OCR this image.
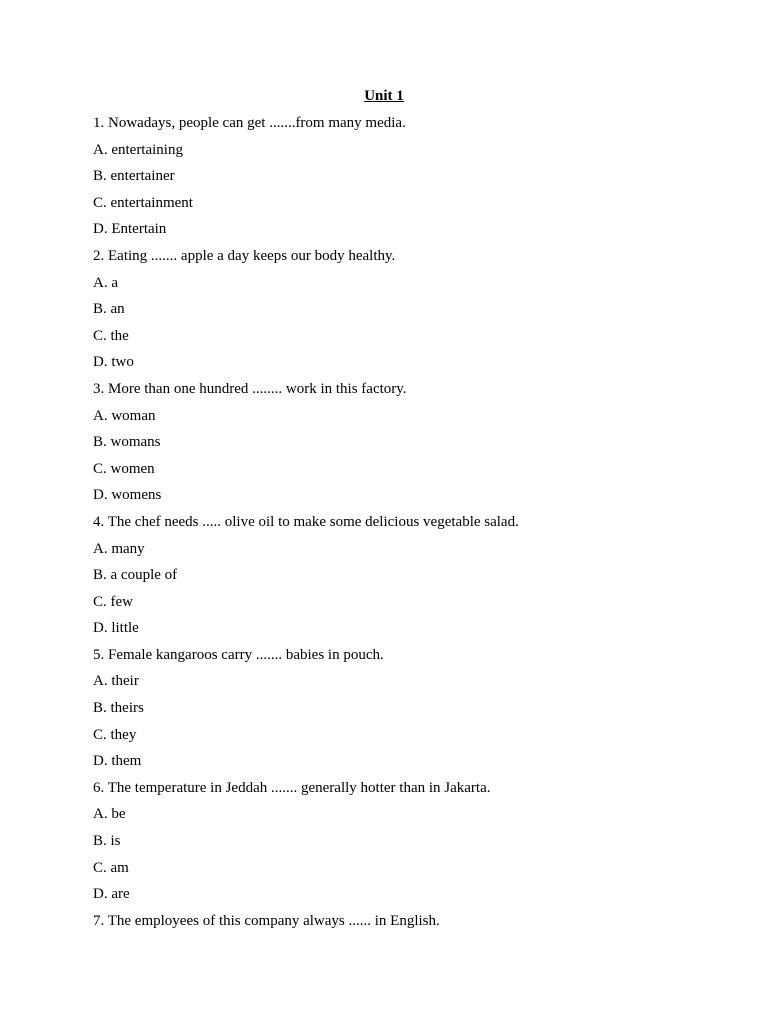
Unit 1
1. Nowadays, people can get .......from many media.
A. entertaining
B. entertainer
C. entertainment
D. Entertain
2. Eating ....... apple a day keeps our body healthy.
A. a
B. an
C. the
D. two
3. More than one hundred ........ work in this factory.
A. woman
B. womans
C. women
D. womens
4. The chef needs ..... olive oil to make some delicious vegetable salad.
A. many
B. a couple of
C. few
D. little
5. Female kangaroos carry ....... babies in pouch.
A. their
B. theirs
C. they
D. them
6. The temperature in Jeddah ....... generally hotter than in Jakarta.
A. be
B. is
C. am
D. are
7. The employees of this company always ...... in English.
